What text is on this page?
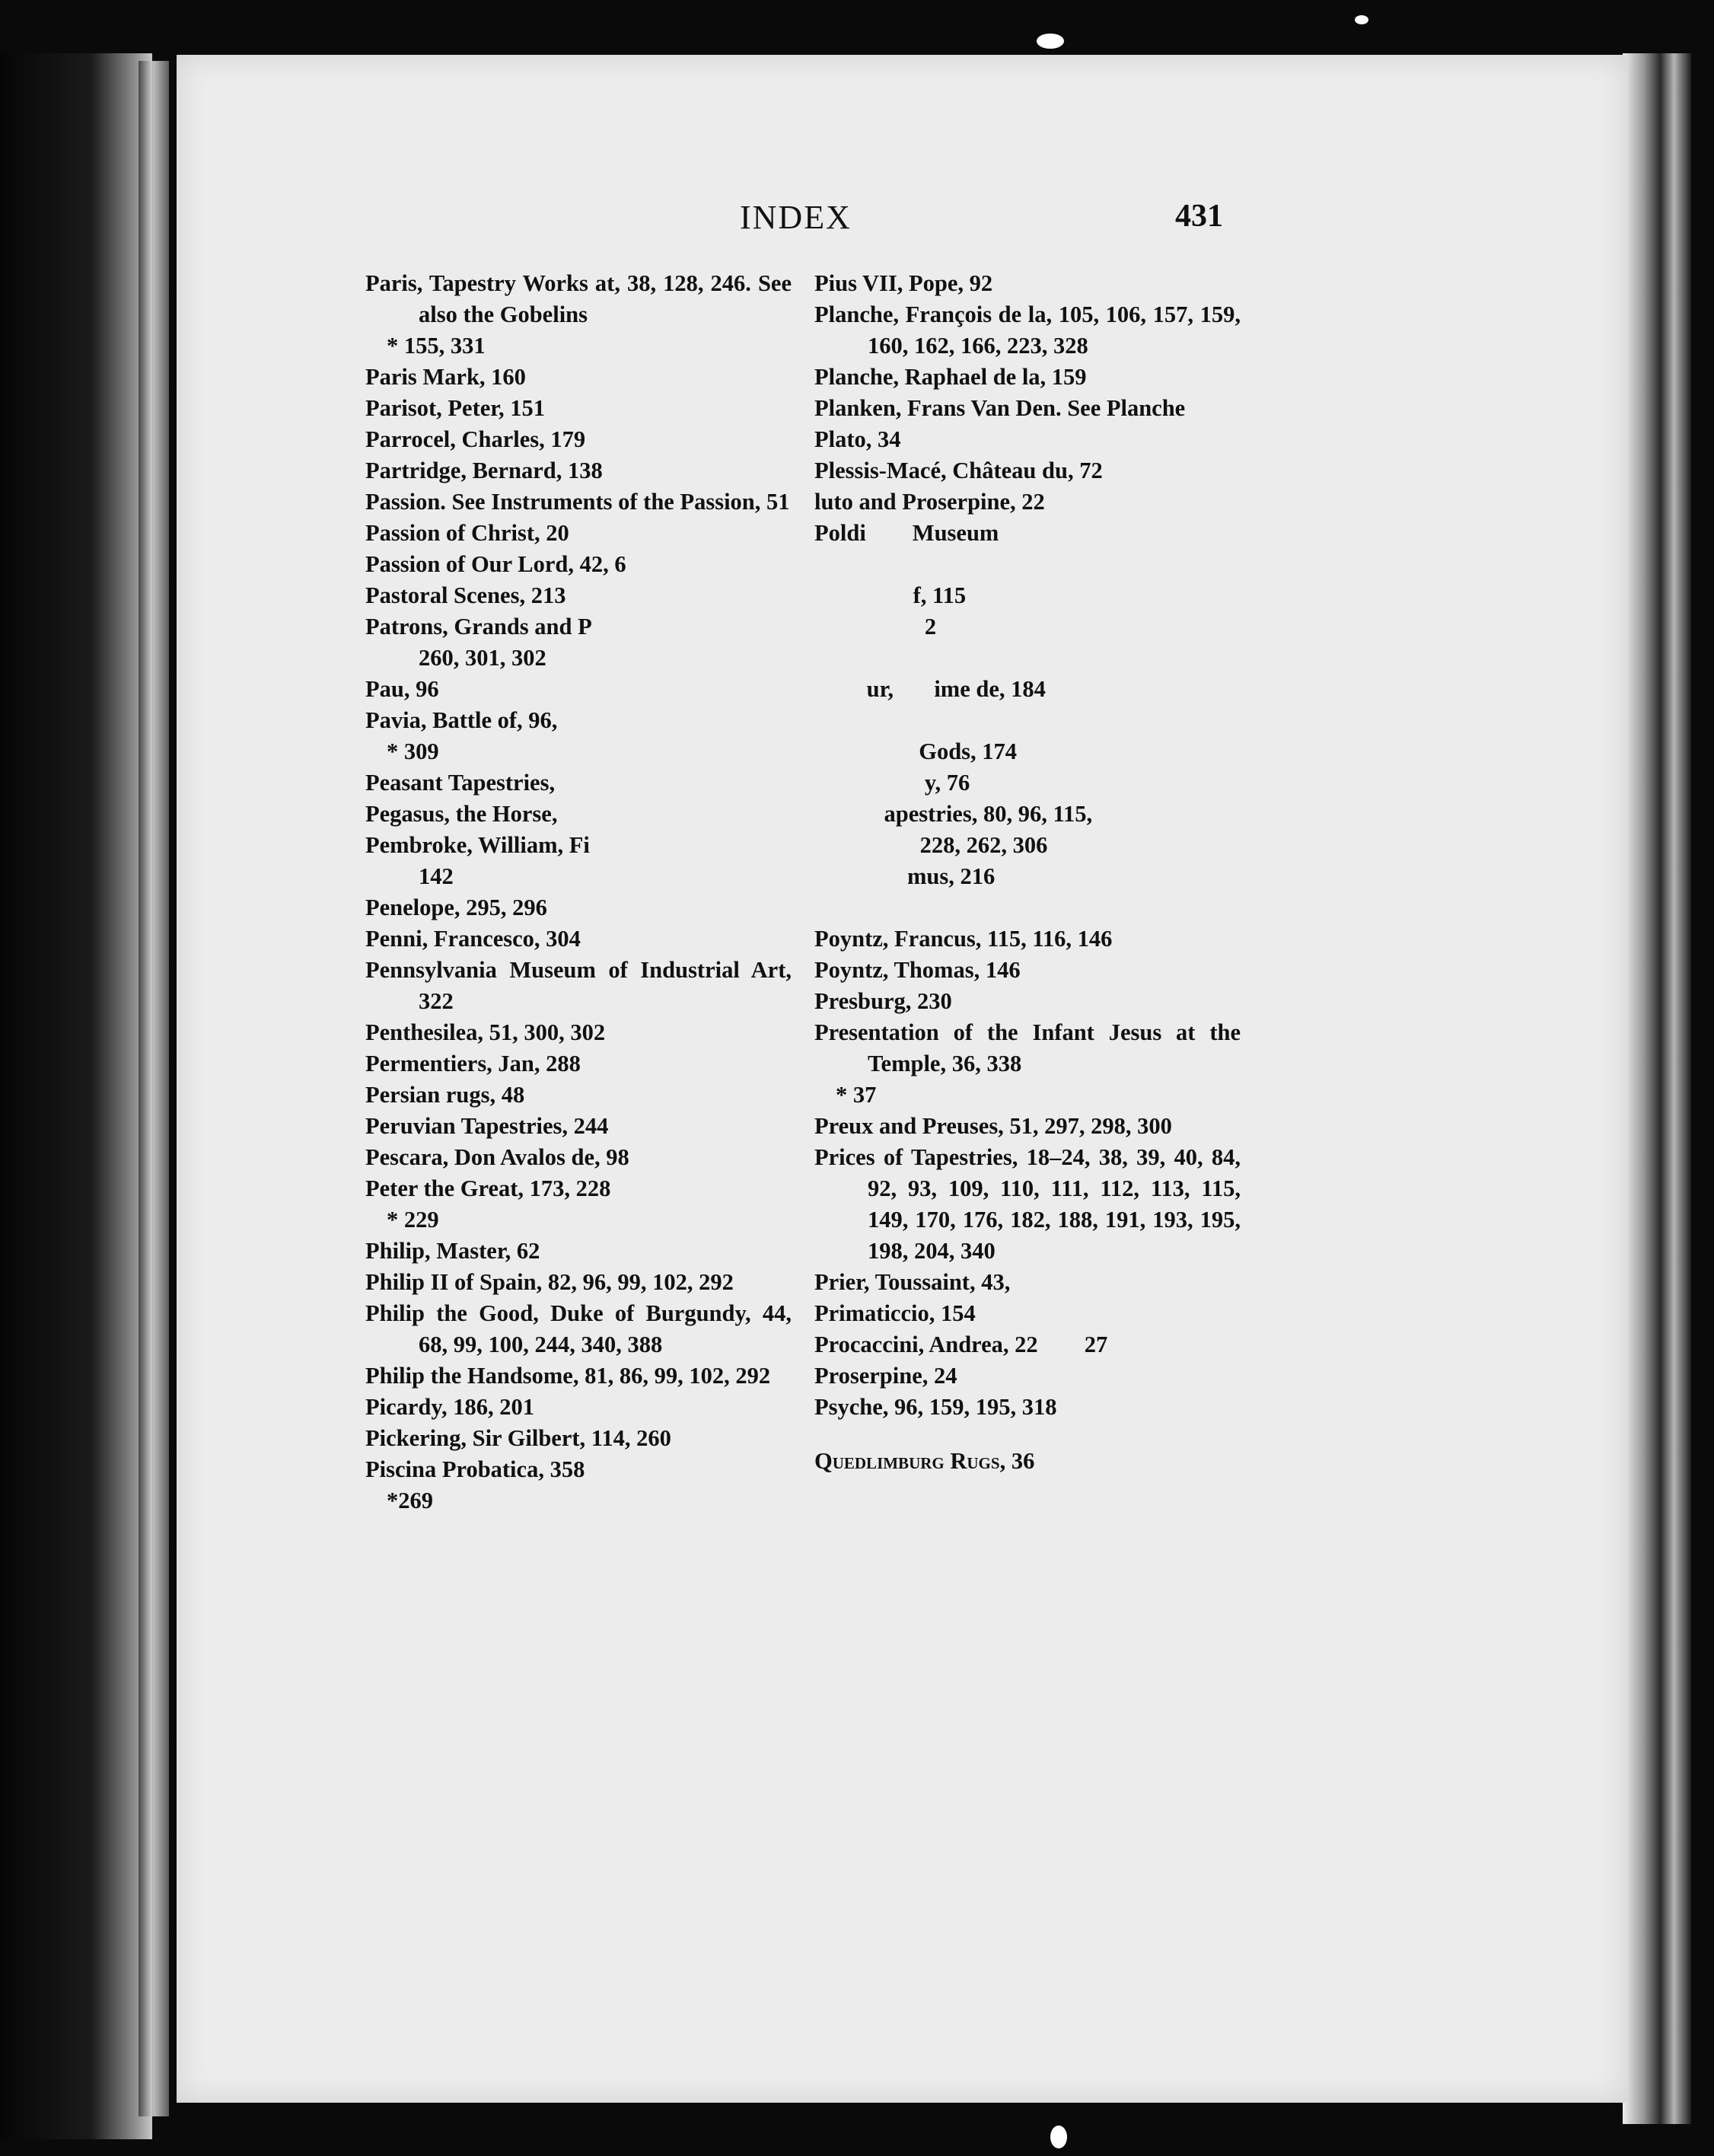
INDEX	431
Paris, Tapestry Works at, 38, 128, 246. See also the Gobelins
* 155, 331
Paris Mark, 160
Parisot, Peter, 151
Parrocel, Charles, 179
Partridge, Bernard, 138
Passion. See Instruments of the Passion, 51
Passion of Christ, 20
Passion of Our Lord, 42, 6
Pastoral Scenes, 213
Patrons, Grands and P
260, 301, 302
Pau, 96
Pavia, Battle of, 96,
* 309
Peasant Tapestries,
Pegasus, the Horse,
Pembroke, William, Fi
142
Penelope, 295, 296
Penni, Francesco, 304
Pennsylvania Museum of Industrial Art, 322
Penthesilea, 51, 300, 302
Permentiers, Jan, 288
Persian rugs, 48
Peruvian Tapestries, 244
Pescara, Don Avalos de, 98
Peter the Great, 173, 228
* 229
Philip, Master, 62
Philip II of Spain, 82, 96, 99, 102, 292
Philip the Good, Duke of Burgundy, 44, 68, 99, 100, 244, 340, 388
Philip the Handsome, 81, 86, 99, 102, 292
Picardy, 186, 201
Pickering, Sir Gilbert, 114, 260
Piscina Probatica, 358
*269
Pius VII, Pope, 92
Planche, François de la, 105, 106, 157, 159, 160, 162, 166, 223, 328
Planche, Raphael de la, 159
Planken, Frans Van Den. See Planche
Plato, 34
Plessis-Macé, Château du, 72
luto and Proserpine, 22
Poldi Museum

f, 115
2

ur, ime de, 184

Gods, 174
y, 76
apestries, 80, 96, 115,
228, 262, 306
mus, 216

Poyntz, Francus, 115, 116, 146
Poyntz, Thomas, 146
Presburg, 230
Presentation of the Infant Jesus at the Temple, 36, 338
* 37
Preux and Preuses, 51, 297, 298, 300
Prices of Tapestries, 18–24, 38, 39, 40, 84, 92, 93, 109, 110, 111, 112, 113, 115, 149, 170, 176, 182, 188, 191, 193, 195, 198, 204, 340
Prier, Toussaint, 43,
Primaticcio, 154
Procaccini, Andrea, 22 27
Proserpine, 24
Psyche, 96, 159, 195, 318
Quedlimburg Rugs, 36
